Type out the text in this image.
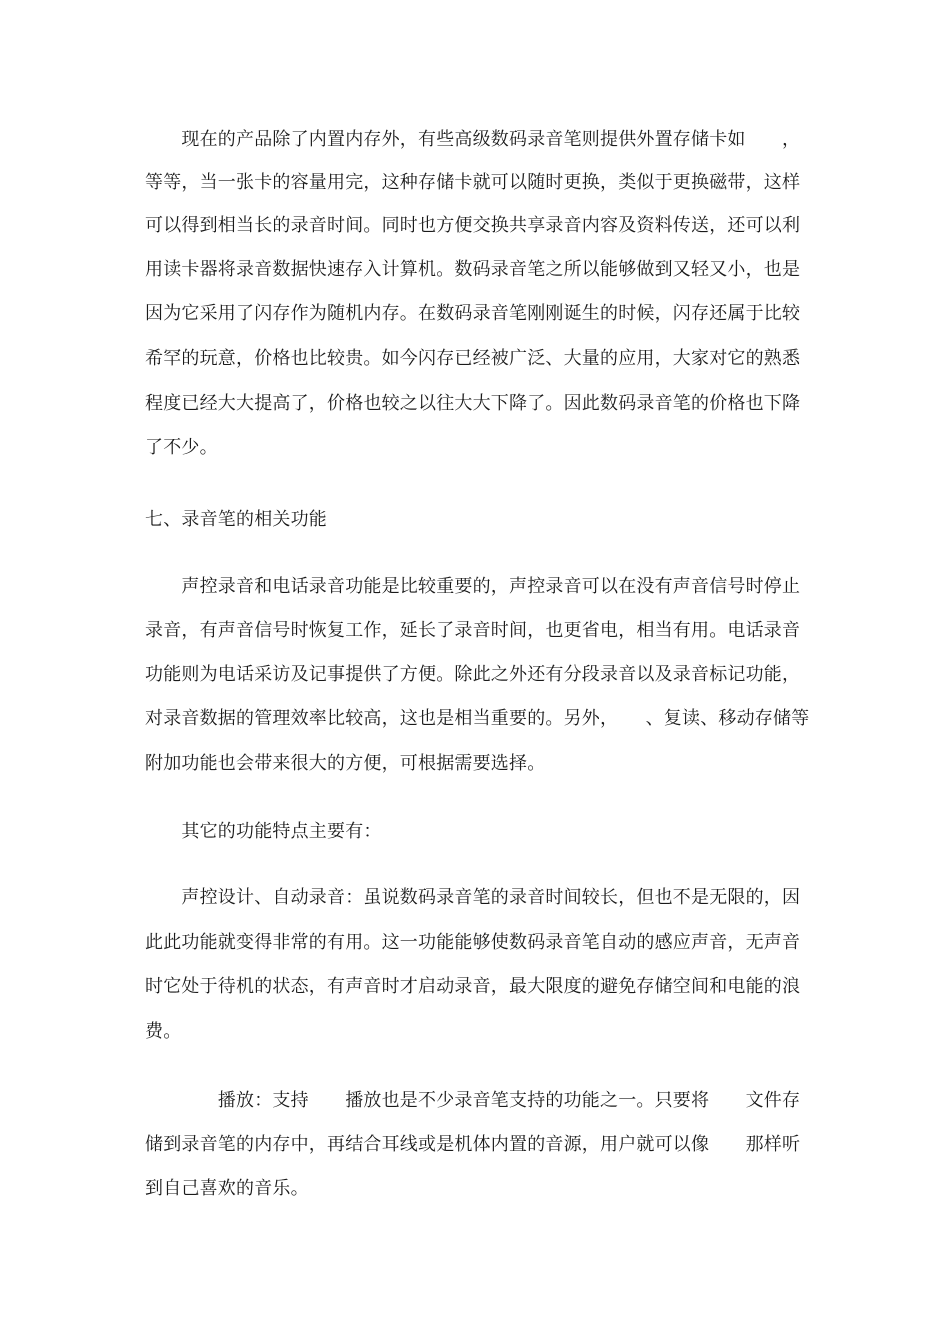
　　现在的产品除了内置内存外，有些高级数码录音笔则提供外置存储卡如　　，
等等，当一张卡的容量用完，这种存储卡就可以随时更换，类似于更换磁带，这样
可以得到相当长的录音时间。同时也方便交换共享录音内容及资料传送，还可以利
用读卡器将录音数据快速存入计算机。数码录音笔之所以能够做到又轻又小，也是
因为它采用了闪存作为随机内存。在数码录音笔刚刚诞生的时候，闪存还属于比较
希罕的玩意，价格也比较贵。如今闪存已经被广泛、大量的应用，大家对它的熟悉
程度已经大大提高了，价格也较之以往大大下降了。因此数码录音笔的价格也下降
了不少。
七、录音笔的相关功能
　　声控录音和电话录音功能是比较重要的，声控录音可以在没有声音信号时停止
录音，有声音信号时恢复工作，延长了录音时间，也更省电，相当有用。电话录音
功能则为电话采访及记事提供了方便。除此之外还有分段录音以及录音标记功能，
对录音数据的管理效率比较高，这也是相当重要的。另外，　　、复读、移动存储等
附加功能也会带来很大的方便，可根据需要选择。
　　其它的功能特点主要有：
　　声控设计、自动录音：虽说数码录音笔的录音时间较长，但也不是无限的，因
此此功能就变得非常的有用。这一功能能够使数码录音笔自动的感应声音，无声音
时它处于待机的状态，有声音时才启动录音，最大限度的避免存储空间和电能的浪
费。
　　　　播放：支持　　播放也是不少录音笔支持的功能之一。只要将　　文件存
储到录音笔的内存中，再结合耳线或是机体内置的音源，用户就可以像　　那样听
到自己喜欢的音乐。
